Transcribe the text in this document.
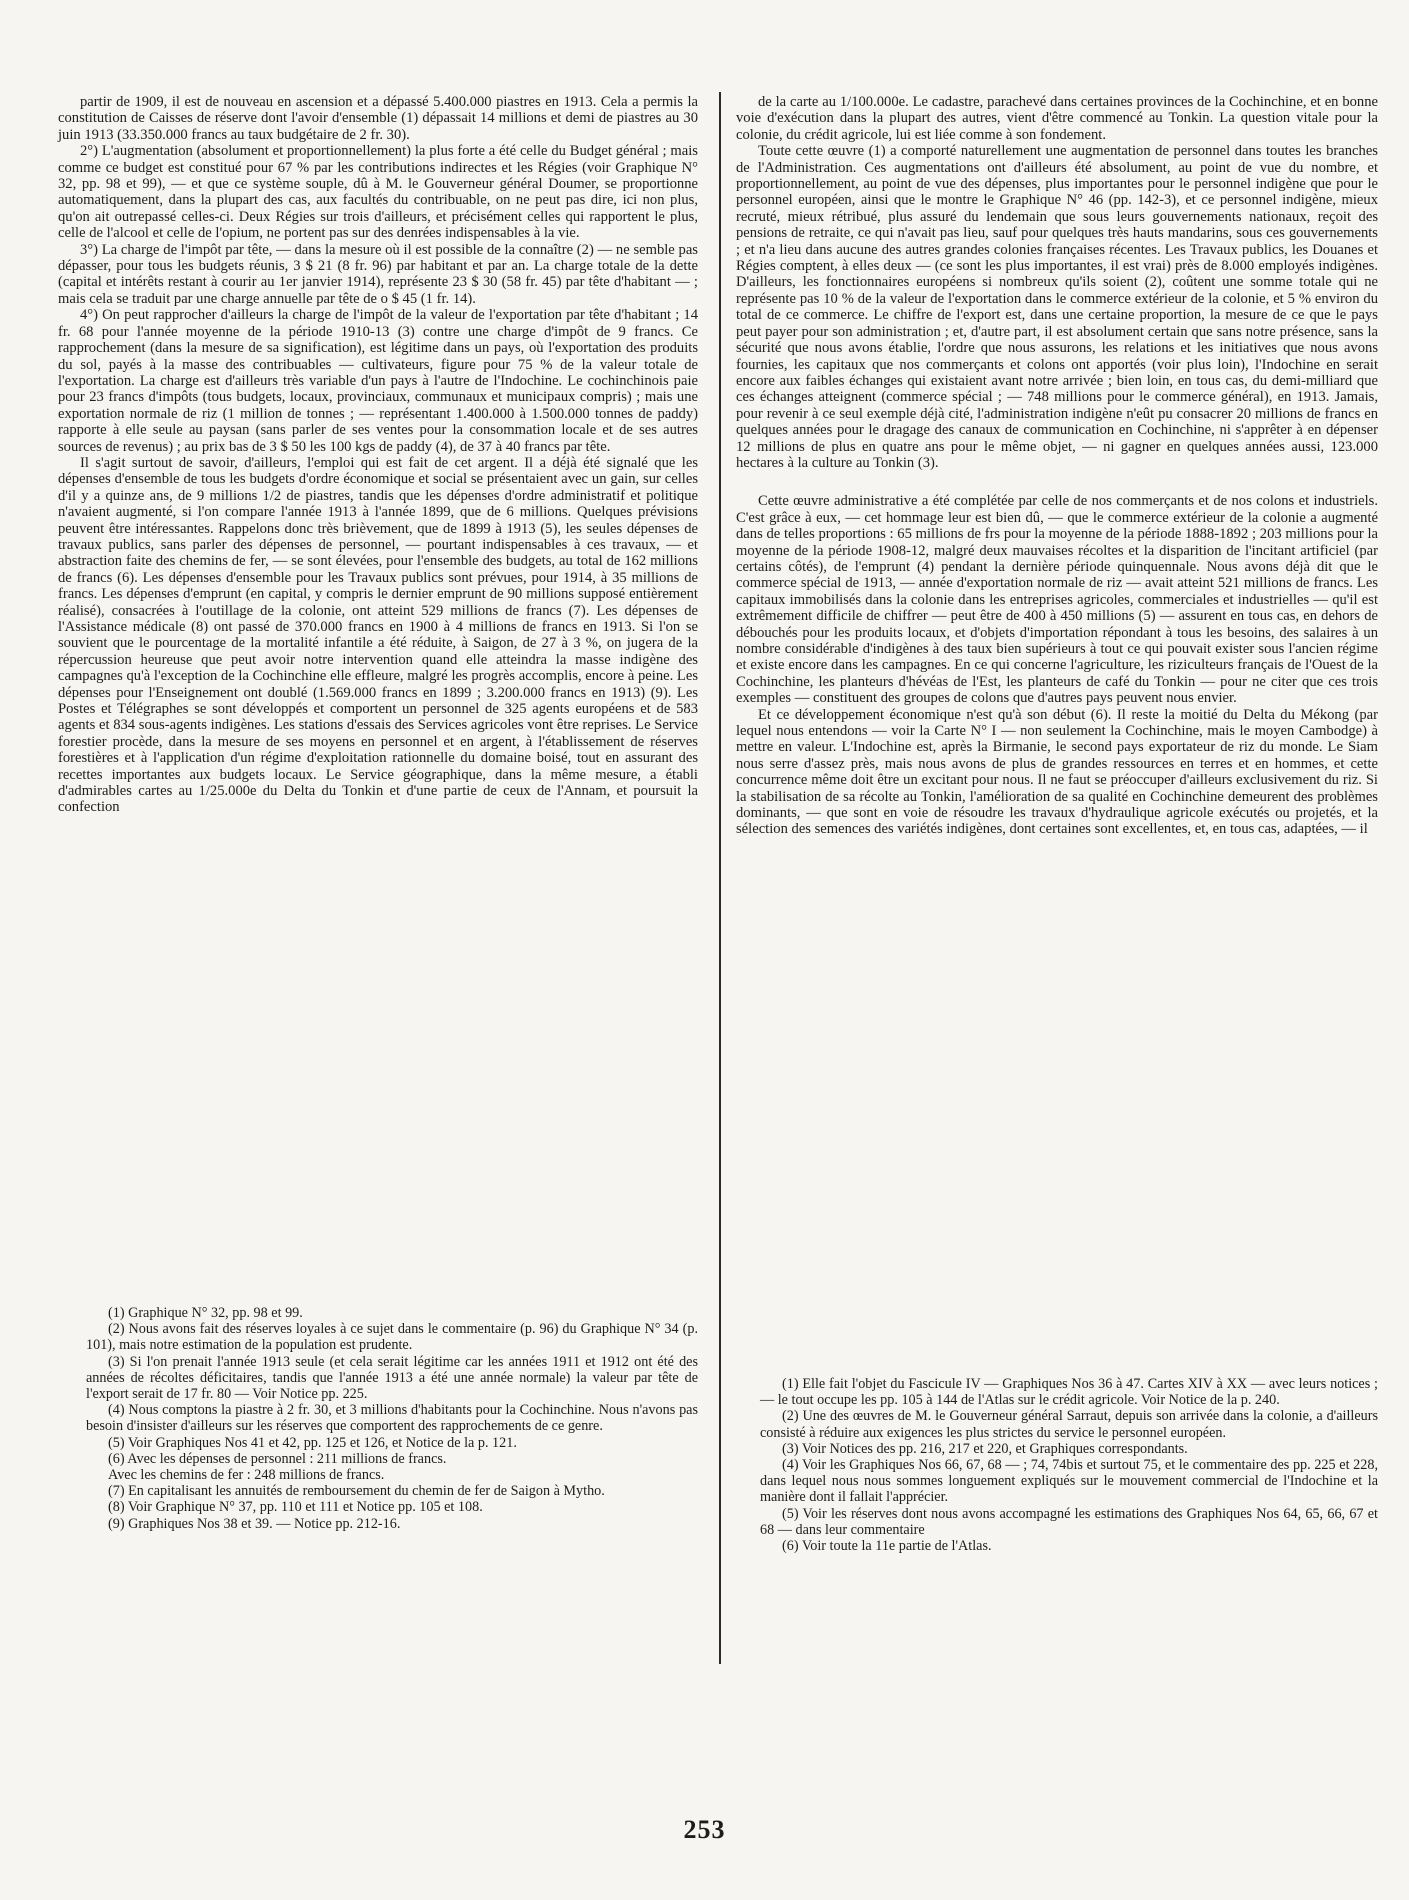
partir de 1909, il est de nouveau en ascension et a dépassé 5.400.000 piastres en 1913. Cela a permis la constitution de Caisses de réserve dont l'avoir d'ensemble (1) dépassait 14 millions et demi de piastres au 30 juin 1913 (33.350.000 francs au taux budgétaire de 2 fr. 30).

2°) L'augmentation (absolument et proportionnellement) la plus forte a été celle du Budget général ; mais comme ce budget est constitué pour 67 % par les contributions indirectes et les Régies (voir Graphique N° 32, pp. 98 et 99), — et que ce système souple, dû à M. le Gouverneur général Doumer, se proportionne automatiquement, dans la plupart des cas, aux facultés du contribuable, on ne peut pas dire, ici non plus, qu'on ait outrepassé celles-ci. Deux Régies sur trois d'ailleurs, et précisément celles qui rapportent le plus, celle de l'alcool et celle de l'opium, ne portent pas sur des denrées indispensables à la vie.

3°) La charge de l'impôt par tête, — dans la mesure où il est possible de la connaître (2) — ne semble pas dépasser, pour tous les budgets réunis, 3 $ 21 (8 fr. 96) par habitant et par an. La charge totale de la dette (capital et intérêts restant à courir au 1er janvier 1914), représente 23 $ 30 (58 fr. 45) par tête d'habitant — ; mais cela se traduit par une charge annuelle par tête de o $ 45 (1 fr. 14).

4°) On peut rapprocher d'ailleurs la charge de l'impôt de la valeur de l'exportation par tête d'habitant ; 14 fr. 68 pour l'année moyenne de la période 1910-13 (3) contre une charge d'impôt de 9 francs. Ce rapprochement (dans la mesure de sa signification), est légitime dans un pays, où l'exportation des produits du sol, payés à la masse des contribuables — cultivateurs, figure pour 75 % de la valeur totale de l'exportation. La charge est d'ailleurs très variable d'un pays à l'autre de l'Indochine. Le cochinchinois paie pour 23 francs d'impôts (tous budgets, locaux, provinciaux, communaux et municipaux compris) ; mais une exportation normale de riz (1 million de tonnes ; — représentant 1.400.000 à 1.500.000 tonnes de paddy) rapporte à elle seule au paysan (sans parler de ses ventes pour la consommation locale et de ses autres sources de revenus) ; au prix bas de 3 $ 50 les 100 kgs de paddy (4), de 37 à 40 francs par tête.

Il s'agit surtout de savoir, d'ailleurs, l'emploi qui est fait de cet argent. Il a déjà été signalé que les dépenses d'ensemble de tous les budgets d'ordre économique et social se présentaient avec un gain, sur celles d'il y a quinze ans, de 9 millions 1/2 de piastres, tandis que les dépenses d'ordre administratif et politique n'avaient augmenté, si l'on compare l'année 1913 à l'année 1899, que de 6 millions. Quelques prévisions peuvent être intéressantes. Rappelons donc très brièvement, que de 1899 à 1913 (5), les seules dépenses de travaux publics, sans parler des dépenses de personnel, — pourtant indispensables à ces travaux, — et abstraction faite des chemins de fer, — se sont élevées, pour l'ensemble des budgets, au total de 162 millions de francs (6). Les dépenses d'ensemble pour les Travaux publics sont prévues, pour 1914, à 35 millions de francs. Les dépenses d'emprunt (en capital, y compris le dernier emprunt de 90 millions supposé entièrement réalisé), consacrées à l'outillage de la colonie, ont atteint 529 millions de francs (7). Les dépenses de l'Assistance médicale (8) ont passé de 370.000 francs en 1900 à 4 millions de francs en 1913. Si l'on se souvient que le pourcentage de la mortalité infantile a été réduite, à Saigon, de 27 à 3 %, on jugera de la répercussion heureuse que peut avoir notre intervention quand elle atteindra la masse indigène des campagnes qu'à l'exception de la Cochinchine elle effleure, malgré les progrès accomplis, encore à peine. Les dépenses pour l'Enseignement ont doublé (1.569.000 francs en 1899 ; 3.200.000 francs en 1913) (9). Les Postes et Télégraphes se sont développés et comportent un personnel de 325 agents européens et de 583 agents et 834 sous-agents indigènes. Les stations d'essais des Services agricoles vont être reprises. Le Service forestier procède, dans la mesure de ses moyens en personnel et en argent, à l'établissement de réserves forestières et à l'application d'un régime d'exploitation rationnelle du domaine boisé, tout en assurant des recettes importantes aux budgets locaux. Le Service géographique, dans la même mesure, a établi d'admirables cartes au 1/25.000e du Delta du Tonkin et d'une partie de ceux de l'Annam, et poursuit la confection

de la carte au 1/100.000e. Le cadastre, parachevé dans certaines provinces de la Cochinchine, et en bonne voie d'exécution dans la plupart des autres, vient d'être commencé au Tonkin. La question vitale pour la colonie, du crédit agricole, lui est liée comme à son fondement.

Toute cette œuvre (1) a comporté naturellement une augmentation de personnel dans toutes les branches de l'Administration. Ces augmentations ont d'ailleurs été absolument, au point de vue du nombre, et proportionnellement, au point de vue des dépenses, plus importantes pour le personnel indigène que pour le personnel européen, ainsi que le montre le Graphique N° 46 (pp. 142-3), et ce personnel indigène, mieux recruté, mieux rétribué, plus assuré du lendemain que sous leurs gouvernements nationaux, reçoit des pensions de retraite, ce qui n'avait pas lieu, sauf pour quelques très hauts mandarins, sous ces gouvernements ; et n'a lieu dans aucune des autres grandes colonies françaises récentes. Les Travaux publics, les Douanes et Régies comptent, à elles deux — (ce sont les plus importantes, il est vrai) près de 8.000 employés indigènes. D'ailleurs, les fonctionnaires européens si nombreux qu'ils soient (2), coûtent une somme totale qui ne représente pas 10 % de la valeur de l'exportation dans le commerce extérieur de la colonie, et 5 % environ du total de ce commerce. Le chiffre de l'export est, dans une certaine proportion, la mesure de ce que le pays peut payer pour son administration ; et, d'autre part, il est absolument certain que sans notre présence, sans la sécurité que nous avons établie, l'ordre que nous assurons, les relations et les initiatives que nous avons fournies, les capitaux que nos commerçants et colons ont apportés (voir plus loin), l'Indochine en serait encore aux faibles échanges qui existaient avant notre arrivée ; bien loin, en tous cas, du demi-milliard que ces échanges atteignent (commerce spécial ; — 748 millions pour le commerce général), en 1913. Jamais, pour revenir à ce seul exemple déjà cité, l'administration indigène n'eût pu consacrer 20 millions de francs en quelques années pour le dragage des canaux de communication en Cochinchine, ni s'apprêter à en dépenser 12 millions de plus en quatre ans pour le même objet, — ni gagner en quelques années aussi, 123.000 hectares à la culture au Tonkin (3).

Cette œuvre administrative a été complétée par celle de nos commerçants et de nos colons et industriels. C'est grâce à eux, — cet hommage leur est bien dû, — que le commerce extérieur de la colonie a augmenté dans de telles proportions : 65 millions de frs pour la moyenne de la période 1888-1892 ; 203 millions pour la moyenne de la période 1908-12, malgré deux mauvaises récoltes et la disparition de l'incitant artificiel (par certains côtés), de l'emprunt (4) pendant la dernière période quinquennale. Nous avons déjà dit que le commerce spécial de 1913, — année d'exportation normale de riz — avait atteint 521 millions de francs. Les capitaux immobilisés dans la colonie dans les entreprises agricoles, commerciales et industrielles — qu'il est extrêmement difficile de chiffrer — peut être de 400 à 450 millions (5) — assurent en tous cas, en dehors de débouchés pour les produits locaux, et d'objets d'importation répondant à tous les besoins, des salaires à un nombre considérable d'indigènes à des taux bien supérieurs à tout ce qui pouvait exister sous l'ancien régime et existe encore dans les campagnes. En ce qui concerne l'agriculture, les riziculteurs français de l'Ouest de la Cochinchine, les planteurs d'hévéas de l'Est, les planteurs de café du Tonkin — pour ne citer que ces trois exemples — constituent des groupes de colons que d'autres pays peuvent nous envier.

Et ce développement économique n'est qu'à son début (6). Il reste la moitié du Delta du Mékong (par lequel nous entendons — voir la Carte N° I — non seulement la Cochinchine, mais le moyen Cambodge) à mettre en valeur. L'Indochine est, après la Birmanie, le second pays exportateur de riz du monde. Le Siam nous serre d'assez près, mais nous avons de plus de grandes ressources en terres et en hommes, et cette concurrence même doit être un excitant pour nous. Il ne faut se préoccuper d'ailleurs exclusivement du riz. Si la stabilisation de sa récolte au Tonkin, l'amélioration de sa qualité en Cochinchine demeurent des problèmes dominants, — que sont en voie de résoudre les travaux d'hydraulique agricole exécutés ou projetés, et la sélection des semences des variétés indigènes, dont certaines sont excellentes, et, en tous cas, adaptées, — il

(1) Graphique N° 32, pp. 98 et 99.

(2) Nous avons fait des réserves loyales à ce sujet dans le commentaire (p. 96) du Graphique N° 34 (p. 101), mais notre estimation de la population est prudente.

(3) Si l'on prenait l'année 1913 seule (et cela serait légitime car les années 1911 et 1912 ont été des années de récoltes déficitaires, tandis que l'année 1913 a été une année normale) la valeur par tête de l'export serait de 17 fr. 80 — Voir Notice pp. 225.

(4) Nous comptons la piastre à 2 fr. 30, et 3 millions d'habitants pour la Cochinchine. Nous n'avons pas besoin d'insister d'ailleurs sur les réserves que comportent des rapprochements de ce genre.

(5) Voir Graphiques Nos 41 et 42, pp. 125 et 126, et Notice de la p. 121.

(6) Avec les dépenses de personnel : 211 millions de francs.

Avec les chemins de fer : 248 millions de francs.

(7) En capitalisant les annuités de remboursement du chemin de fer de Saigon à Mytho.

(8) Voir Graphique N° 37, pp. 110 et 111 et Notice pp. 105 et 108.

(9) Graphiques Nos 38 et 39. — Notice pp. 212-16.

(1) Elle fait l'objet du Fascicule IV — Graphiques Nos 36 à 47. Cartes XIV à XX — avec leurs notices ; — le tout occupe les pp. 105 à 144 de l'Atlas sur le crédit agricole. Voir Notice de la p. 240.

(2) Une des œuvres de M. le Gouverneur général Sarraut, depuis son arrivée dans la colonie, a d'ailleurs consisté à réduire aux exigences les plus strictes du service le personnel européen.

(3) Voir Notices des pp. 216, 217 et 220, et Graphiques correspondants.

(4) Voir les Graphiques Nos 66, 67, 68 — ; 74, 74bis et surtout 75, et le commentaire des pp. 225 et 228, dans lequel nous nous sommes longuement expliqués sur le mouvement commercial de l'Indochine et la manière dont il fallait l'apprécier.

(5) Voir les réserves dont nous avons accompagné les estimations des Graphiques Nos 64, 65, 66, 67 et 68 — dans leur commentaire

(6) Voir toute la 11e partie de l'Atlas.

253
